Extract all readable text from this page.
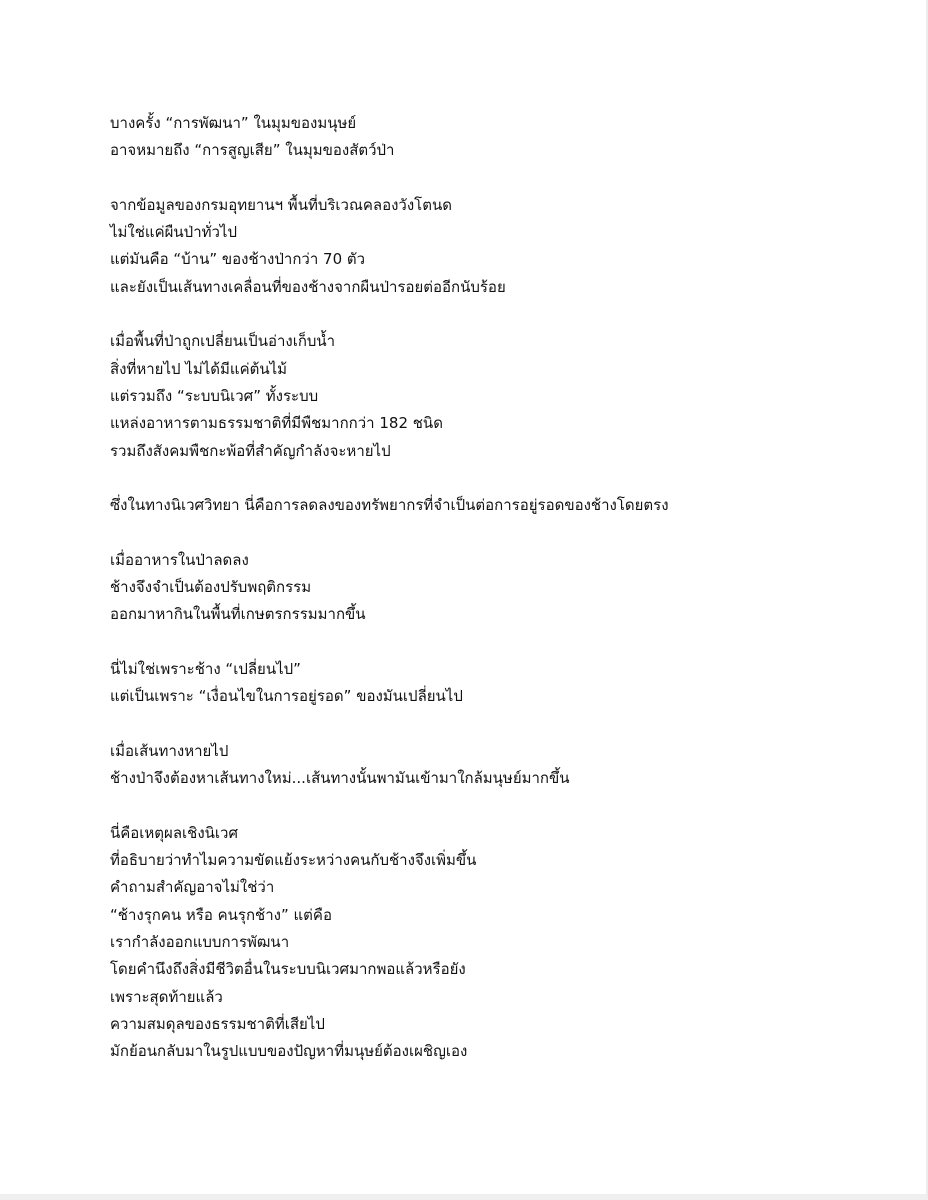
บางครั้ง “การพัฒนา” ในมุมของมนุษย์
อาจหมายถึง “การสูญเสีย” ในมุมของสัตว์ป่า

จากข้อมูลของกรมอุทยานฯ พื้นที่บริเวณคลองวังโตนด
ไม่ใช่แค่ผืนป่าทั่วไป
แต่มันคือ “บ้าน” ของช้างป่ากว่า 70 ตัว
และยังเป็นเส้นทางเคลื่อนที่ของช้างจากผืนป่ารอยต่ออีกนับร้อย

เมื่อพื้นที่ป่าถูกเปลี่ยนเป็นอ่างเก็บน้ำ
สิ่งที่หายไป ไม่ได้มีแค่ต้นไม้
แต่รวมถึง “ระบบนิเวศ” ทั้งระบบ
แหล่งอาหารตามธรรมชาติที่มีพืชมากกว่า 182 ชนิด
รวมถึงสังคมพืชกะพ้อที่สำคัญกำลังจะหายไป

ซึ่งในทางนิเวศวิทยา นี่คือการลดลงของทรัพยากรที่จำเป็นต่อการอยู่รอดของช้างโดยตรง

เมื่ออาหารในป่าลดลง
ช้างจึงจำเป็นต้องปรับพฤติกรรม
ออกมาหากินในพื้นที่เกษตรกรรมมากขึ้น

นี่ไม่ใช่เพราะช้าง “เปลี่ยนไป”
แต่เป็นเพราะ “เงื่อนไขในการอยู่รอด” ของมันเปลี่ยนไป

เมื่อเส้นทางหายไป
ช้างป่าจึงต้องหาเส้นทางใหม่...เส้นทางนั้นพามันเข้ามาใกล้มนุษย์มากขึ้น

นี่คือเหตุผลเชิงนิเวศ
ที่อธิบายว่าทำไมความขัดแย้งระหว่างคนกับช้างจึงเพิ่มขึ้น
คำถามสำคัญอาจไม่ใช่ว่า
“ช้างรุกคน หรือ คนรุกช้าง” แต่คือ
เรากำลังออกแบบการพัฒนา
โดยคำนึงถึงสิ่งมีชีวิตอื่นในระบบนิเวศมากพอแล้วหรือยัง
เพราะสุดท้ายแล้ว
ความสมดุลของธรรมชาติที่เสียไป
มักย้อนกลับมาในรูปแบบของปัญหาที่มนุษย์ต้องเผชิญเอง
